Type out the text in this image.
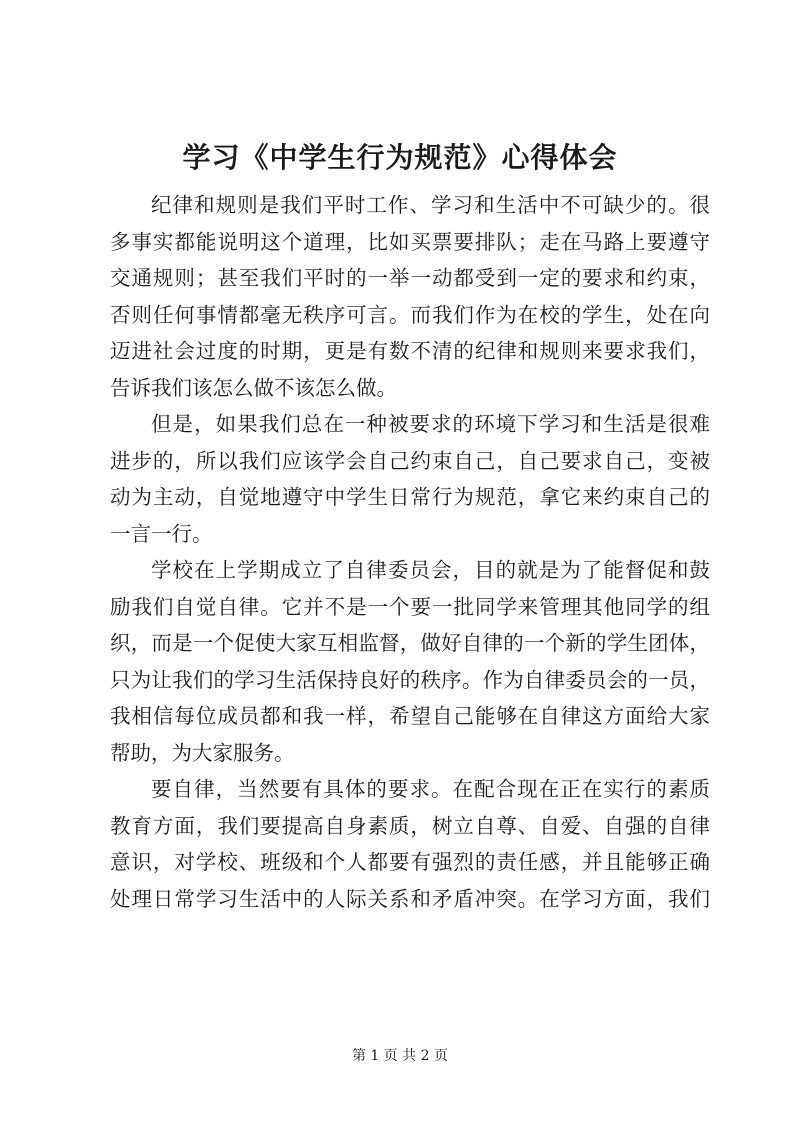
学习《中学生行为规范》心得体会
纪律和规则是我们平时工作、学习和生活中不可缺少的。很
多事实都能说明这个道理，比如买票要排队；走在马路上要遵守
交通规则；甚至我们平时的一举一动都受到一定的要求和约束，
否则任何事情都毫无秩序可言。而我们作为在校的学生，处在向
迈进社会过度的时期，更是有数不清的纪律和规则来要求我们，
告诉我们该怎么做不该怎么做。
但是，如果我们总在一种被要求的环境下学习和生活是很难
进步的，所以我们应该学会自己约束自己，自己要求自己，变被
动为主动，自觉地遵守中学生日常行为规范，拿它来约束自己的
一言一行。
学校在上学期成立了自律委员会，目的就是为了能督促和鼓
励我们自觉自律。它并不是一个要一批同学来管理其他同学的组
织，而是一个促使大家互相监督，做好自律的一个新的学生团体，
只为让我们的学习生活保持良好的秩序。作为自律委员会的一员，
我相信每位成员都和我一样，希望自己能够在自律这方面给大家
帮助，为大家服务。
要自律，当然要有具体的要求。在配合现在正在实行的素质
教育方面，我们要提高自身素质，树立自尊、自爱、自强的自律
意识，对学校、班级和个人都要有强烈的责任感，并且能够正确
处理日常学习生活中的人际关系和矛盾冲突。在学习方面，我们
第 1 页 共 2 页
